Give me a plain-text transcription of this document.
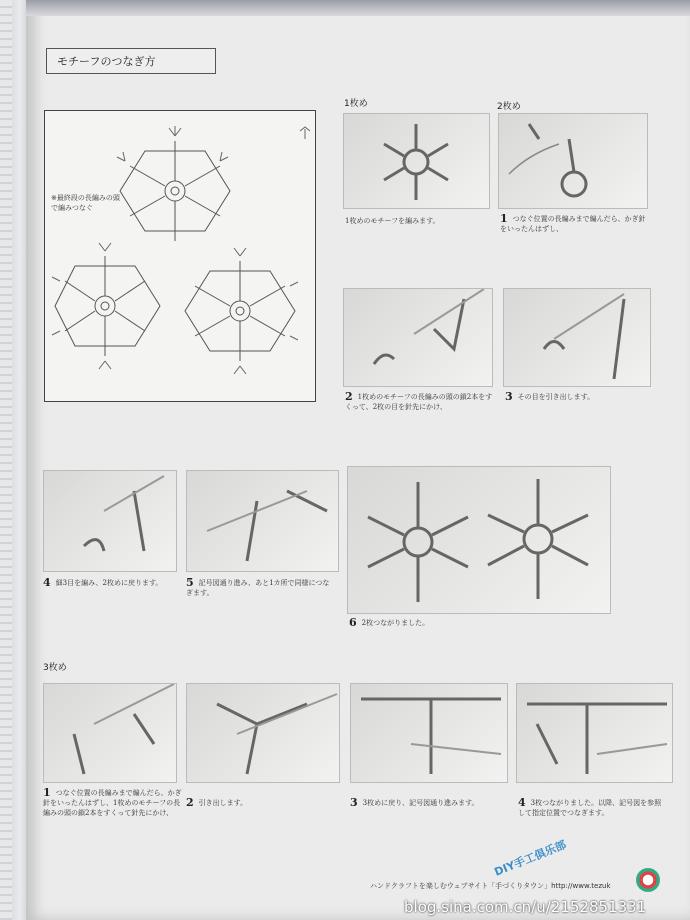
モチーフのつなぎ方
※最終段の長編みの頭で編みつなぐ
1枚め	2枚め
1枚めのモチーフを編みます。	1 つなぐ位置の長編みまで編んだら、かぎ針をいったんはずし、
2 1枚めのモチーフの長編みの頭の鎖2本をすくって、2枚の目を針先にかけ、
3 その目を引き出します。
4 細3目を編み、2枚めに戻ります。	5 記号図通り進み、あと1カ所で同様につなぎます。
6 2枚つながりました。
3枚め
1 つなぐ位置の長編みまで編んだら、かぎ針をいったんはずし、1枚めのモチーフの長編みの頭の鎖2本をすくって針先にかけ、
2 引き出します。	3 3枚めに戻り、記号図通り進みます。	4 3枚つながりました。以降、記号図を参照して指定位置でつなぎます。
ハンドクラフトを楽しむウェブサイト「手づくりタウン」http://www.tezuk
DIY手工俱乐部
blog.sina.com.cn/u/2152851331
